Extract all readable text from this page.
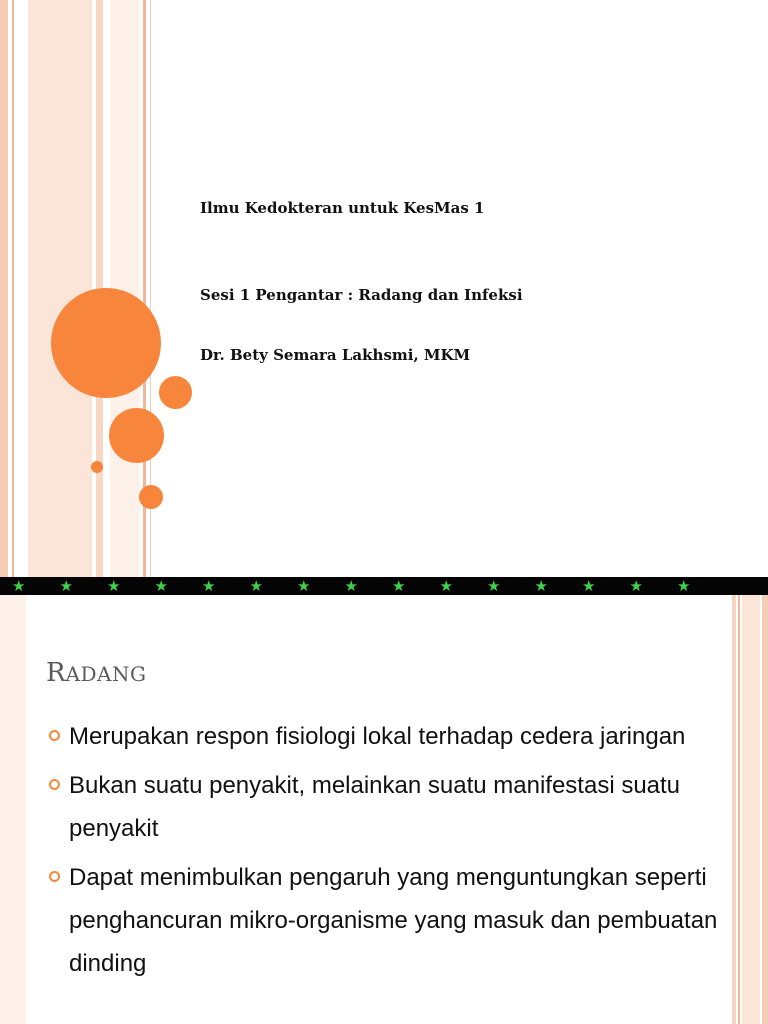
Ilmu Kedokteran untuk KesMas 1
Sesi 1 Pengantar : Radang dan Infeksi
Dr. Bety Semara Lakhsmi, MKM
★ ★ ★ ★ ★ ★ ★ ★ ★ ★ ★ ★ ★ ★ ★
RADANG
Merupakan respon fisiologi lokal terhadap cedera jaringan
Bukan suatu penyakit, melainkan suatu manifestasi suatu penyakit
Dapat menimbulkan pengaruh yang menguntungkan seperti penghancuran mikro-organisme yang masuk dan pembuatan dinding
